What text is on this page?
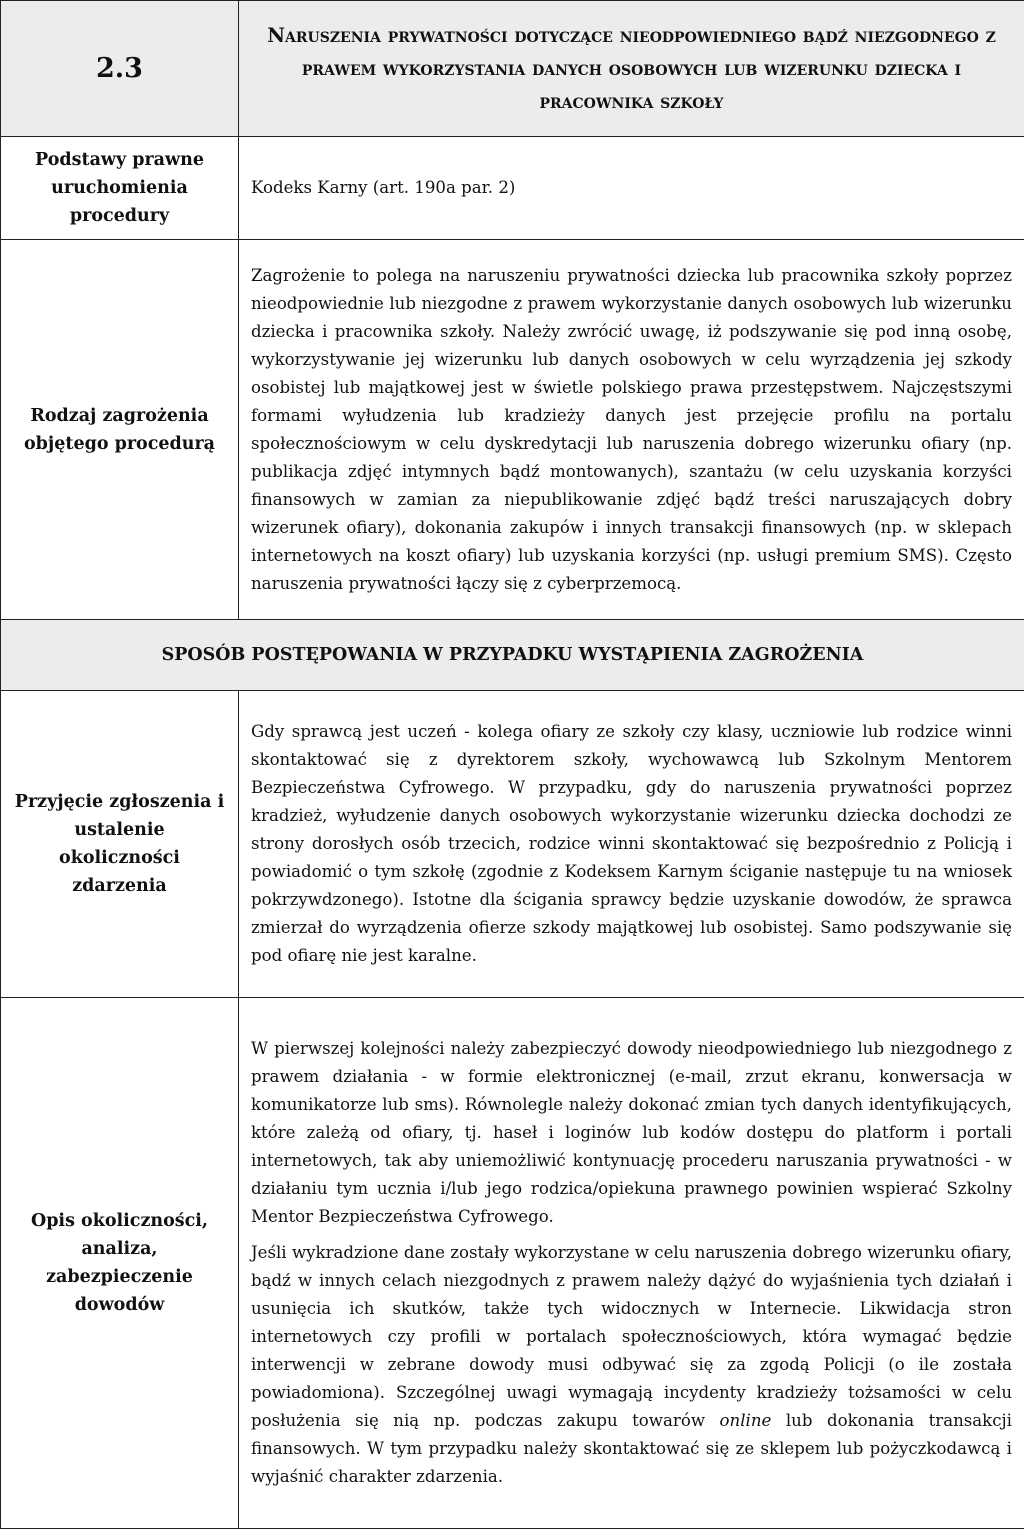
2.3	Naruszenia prywatności dotyczące nieodpowiedniego bądź niezgodnego z prawem wykorzystania danych osobowych lub wizerunku dziecka i pracownika szkoły
Podstawy prawne uruchomienia procedury	Kodeks Karny (art. 190a par. 2)
Rodzaj zagrożenia objętego procedurą	Zagrożenie to polega na naruszeniu prywatności dziecka lub pracownika szkoły poprzez nieodpowiednie lub niezgodne z prawem wykorzystanie danych osobowych lub wizerunku dziecka i pracownika szkoły. Należy zwrócić uwagę, iż podszywanie się pod inną osobę, wykorzystywanie jej wizerunku lub danych osobowych w celu wyrządzenia jej szkody osobistej lub majątkowej jest w świetle polskiego prawa przestępstwem. Najczęstszymi formami wyłudzenia lub kradzieży danych jest przejęcie profilu na portalu społecznościowym w celu dyskredytacji lub naruszenia dobrego wizerunku ofiary (np. publikacja zdjęć intymnych bądź montowanych), szantażu (w celu uzyskania korzyści finansowych w zamian za niepublikowanie zdjęć bądź treści naruszających dobry wizerunek ofiary), dokonania zakupów i innych transakcji finansowych (np. w sklepach internetowych na koszt ofiary) lub uzyskania korzyści (np. usługi premium SMS). Często naruszenia prywatności łączy się z cyberprzemocą.
SPOSÓB POSTĘPOWANIA W PRZYPADKU WYSTĄPIENIA ZAGROŻENIA	
Przyjęcie zgłoszenia i ustalenie okoliczności zdarzenia	Gdy sprawcą jest uczeń - kolega ofiary ze szkoły czy klasy, uczniowie lub rodzice winni skontaktować się z dyrektorem szkoły, wychowawcą lub Szkolnym Mentorem Bezpieczeństwa Cyfrowego. W przypadku, gdy do naruszenia prywatności poprzez kradzież, wyłudzenie danych osobowych wykorzystanie wizerunku dziecka dochodzi ze strony dorosłych osób trzecich, rodzice winni skontaktować się bezpośrednio z Policją i powiadomić o tym szkołę (zgodnie z Kodeksem Karnym ściganie następuje tu na wniosek pokrzywdzonego). Istotne dla ścigania sprawcy będzie uzyskanie dowodów, że sprawca zmierzał do wyrządzenia ofierze szkody majątkowej lub osobistej. Samo podszywanie się pod ofiarę nie jest karalne.
Opis okoliczności, analiza, zabezpieczenie dowodów	W pierwszej kolejności należy zabezpieczyć dowody nieodpowiedniego lub niezgodnego z prawem działania - w formie elektronicznej (e-mail, zrzut ekranu, konwersacja w komunikatorze lub sms). Równolegle należy dokonać zmian tych danych identyfikujących, które zależą od ofiary, tj. haseł i loginów lub kodów dostępu do platform i portali internetowych, tak aby uniemożliwić kontynuację procederu naruszania prywatności - w działaniu tym ucznia i/lub jego rodzica/opiekuna prawnego powinien wspierać Szkolny Mentor Bezpieczeństwa Cyfrowego.

Jeśli wykradzione dane zostały wykorzystane w celu naruszenia dobrego wizerunku ofiary, bądź w innych celach niezgodnych z prawem należy dążyć do wyjaśnienia tych działań i usunięcia ich skutków, także tych widocznych w Internecie. Likwidacja stron internetowych czy profili w portalach społecznościowych, która wymagać będzie interwencji w zebrane dowody musi odbywać się za zgodą Policji (o ile została powiadomiona). Szczególnej uwagi wymagają incydenty kradzieży tożsamości w celu posłużenia się nią np. podczas zakupu towarów online lub dokonania transakcji finansowych. W tym przypadku należy skontaktować się ze sklepem lub pożyczkodawcą i wyjaśnić charakter zdarzenia.
